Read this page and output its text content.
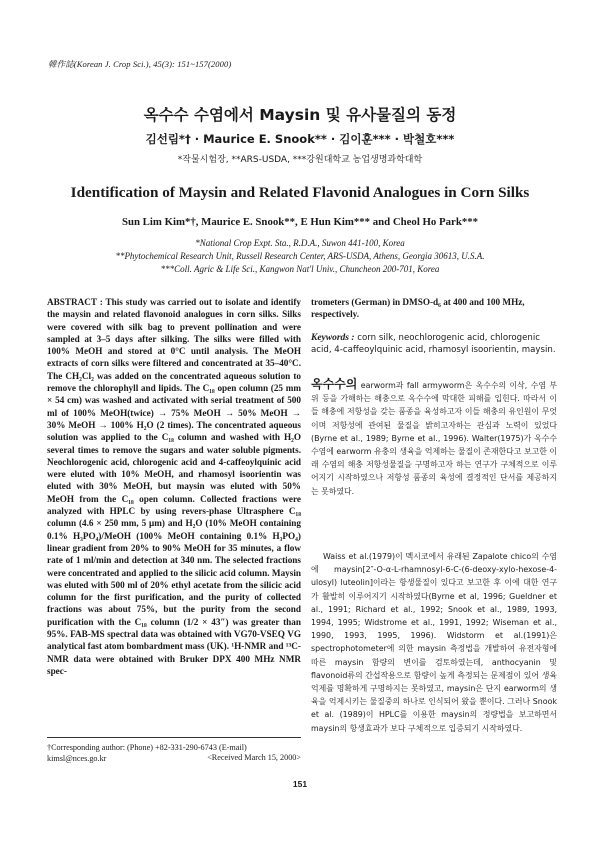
韓作誌(Korean J. Crop Sci.), 45(3): 151~157(2000)
옥수수 수염에서 Maysin 및 유사물질의 동정
김선림*† · Maurice E. Snook** · 김이훈*** · 박철호***
*작물시험장, **ARS-USDA, ***강원대학교 농업생명과학대학
Identification of Maysin and Related Flavonid Analogues in Corn Silks
Sun Lim Kim*†, Maurice E. Snook**, E Hun Kim*** and Cheol Ho Park***
*National Crop Expt. Sta., R.D.A., Suwon 441-100, Korea
**Phytochemical Research Unit, Russell Research Center, ARS-USDA, Athens, Georgia 30613, U.S.A.
***Coll. Agric & Life Sci., Kangwon Nat'l Univ., Chuncheon 200-701, Korea
ABSTRACT : This study was carried out to isolate and identify the maysin and related flavonoid analogues in corn silks. Silks were covered with silk bag to prevent pollination and were sampled at 3–5 days after silking. The silks were filled with 100% MeOH and stored at 0°C until analysis. The MeOH extracts of corn silks were filtered and concentrated at 35–40°C. The CH₂Cl₂ was added on the concentrated aqueous solution to remove the chlorophyll and lipids. The C₁₈ open column (25 mm × 54 cm) was washed and activated with serial treatment of 500 ml of 100% MeOH(twice) → 75% MeOH → 50% MeOH → 30% MeOH → 100% H₂O (2 times). The concentrated aqueous solution was applied to the C₁₈ column and washed with H₂O several times to remove the sugars and water soluble pigments. Neochlorogenic acid, chlorogenic acid and 4-caffeoylquinic acid were eluted with 10% MeOH, and rhamosyl isoorientin was eluted with 30% MeOH, but maysin was eluted with 50% MeOH from the C₁₈ open column. Collected fractions were analyzed with HPLC by using revers-phase Ultrasphere C₁₈ column (4.6 × 250 mm, 5 μm) and H₂O (10% MeOH containing 0.1% H₃PO₄)/MeOH (100% MeOH containing 0.1% H₃PO₄) linear gradient from 20% to 90% MeOH for 35 minutes, a flow rate of 1 ml/min and detection at 340 nm. The selected fractions were concentrated and applied to the silicic acid column. Maysin was eluted with 500 ml of 20% ethyl acetate from the silicic acid column for the first purification, and the purity of collected fractions was about 75%, but the purity from the second purification with the C₁₈ column (1/2 × 43″) was greater than 95%. FAB-MS spectral data was obtained with VG70-VSEQ VG analytical fast atom bombardment mass (UK). ¹H-NMR and ¹³C-NMR data were obtained with Bruker DPX 400 MHz NMR spec-
trometers (German) in DMSO-d₆ at 400 and 100 MHz, respectively.
Keywords : corn silk, neochlorogenic acid, chlorogenic acid, 4-caffeoylquinic acid, rhamosyl isoorientin, maysin.
옥수수의 earworm과 fall armyworm은 옥수수의 이삭, 수염 부위 등을 가해하는 해충으로 옥수수에 막대한 피해를 입힌다. 따라서 이들 해충에 저항성을 갖는 품종을 육성하고자 이들 해충의 유인원이 무엇이며 저항성에 관여된 물질을 밝히고자하는 관심과 노력이 있었다(Byrne et al., 1989; Byrne et al., 1996). Walter(1975)가 옥수수 수염에 earworm 유충의 생육을 억제하는 물질이 존재한다고 보고한 이래 수염의 해충 저항성물질을 구명하고자 하는 연구가 구체적으로 이루어지기 시작하였으나 저항성 품종의 육성에 결정적인 단서를 제공하지는 못하였다.
Waiss et al.(1979)이 멕시코에서 유래된 Zapalote chico의 수염에 maysin[2″-O-α-L-rhamnosyl-6-C-(6-deoxy-xylo-hexose-4-ulosyl) luteolin]이라는 항생물질이 있다고 보고한 후 이에 대한 연구가 활발히 이루어지기 시작하였다(Byrne et al, 1996; Gueldner et al., 1991; Richard et al., 1992; Snook et al., 1989, 1993, 1994, 1995; Widstrome et al., 1991, 1992; Wiseman et al., 1990, 1993, 1995, 1996). Widstorm et al.(1991)은 spectrophotometer에 의한 maysin 측정법을 개발하여 유전자형에 따른 maysin 함량의 변이를 검토하였는데, anthocyanin 및 flavonoid류의 간섭작용으로 함량이 높게 측정되는 문제점이 있어 생육억제를 명확하게 구명하지는 못하였고, maysin은 단지 earworm의 생육을 억제시키는 물질중의 하나로 인식되어 왔을 뿐이다. 그러나 Snook et al. (1989)이 HPLC를 이용한 maysin의 정량법을 보고하면서 maysin의 항생효과가 보다 구체적으로 입증되기 시작하였다.
†Corresponding author: (Phone) +82-331-290-6743 (E-mail) kimsl@nces.go.kr	<Received March 15, 2000>
151
